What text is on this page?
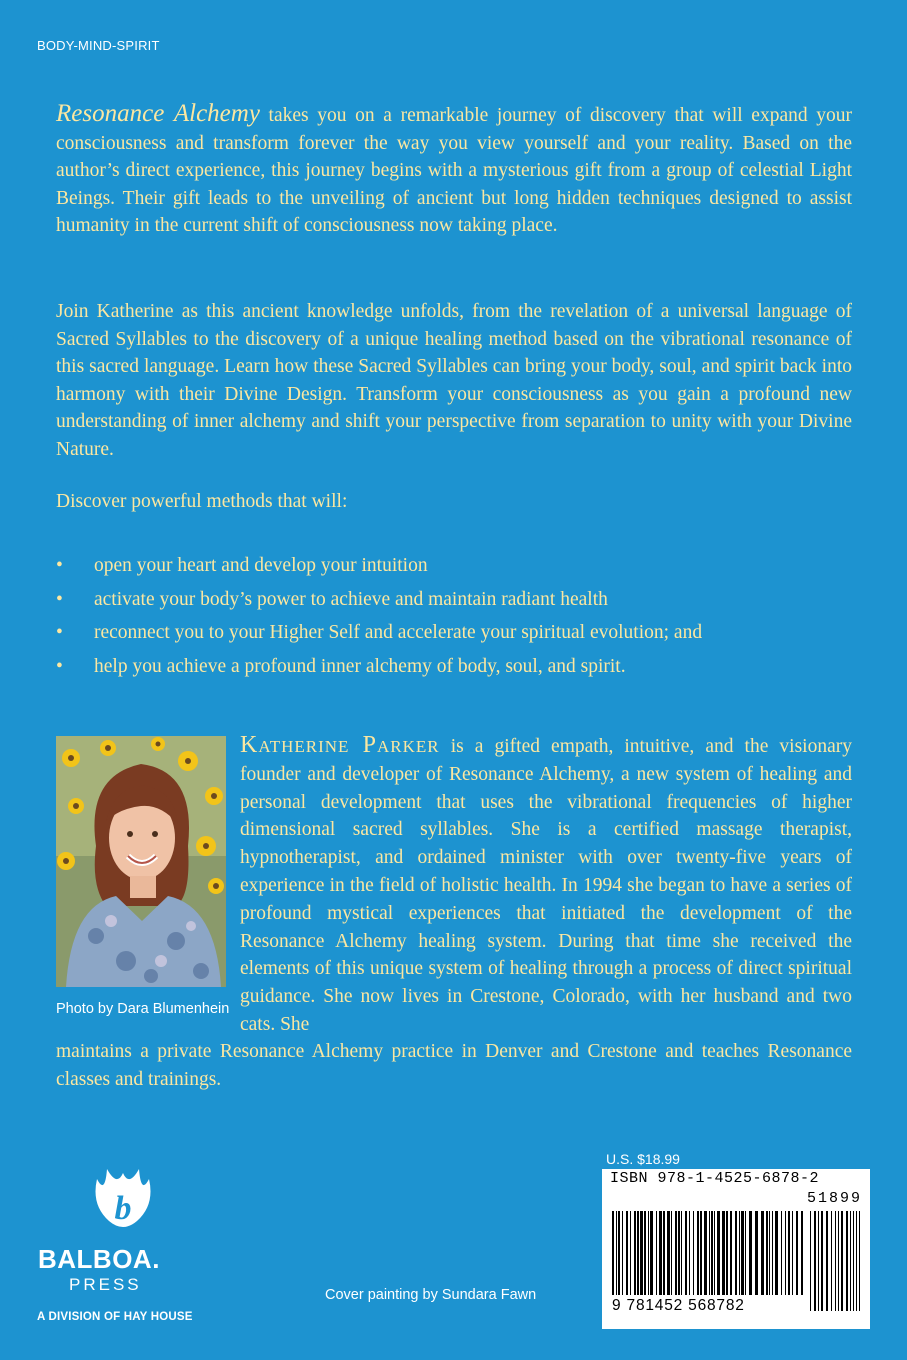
BODY-MIND-SPIRIT

Resonance Alchemy takes you on a remarkable journey of discovery that will expand your consciousness and transform forever the way you view yourself and your reality. Based on the author’s direct experience, this journey begins with a mysterious gift from a group of celestial Light Beings. Their gift leads to the unveiling of ancient but long hidden techniques designed to assist humanity in the current shift of consciousness now taking place.

Join Katherine as this ancient knowledge unfolds, from the revelation of a universal language of Sacred Syllables to the discovery of a unique healing method based on the vibrational resonance of this sacred language. Learn how these Sacred Syllables can bring your body, soul, and spirit back into harmony with their Divine Design. Transform your consciousness as you gain a profound new understanding of inner alchemy and shift your perspective from separation to unity with your Divine Nature.

Discover powerful methods that will:

• open your heart and develop your intuition
• activate your body’s power to achieve and maintain radiant health
• reconnect you to your Higher Self and accelerate your spiritual evolution; and
• help you achieve a profound inner alchemy of body, soul, and spirit.
Photo by Dara Blumenhein
KATHERINE PARKER is a gifted empath, intuitive, and the visionary founder and developer of Resonance Alchemy, a new system of healing and personal development that uses the vibrational frequencies of higher dimensional sacred syllables. She is a certified massage therapist, hypnotherapist, and ordained minister with over twenty-five years of experience in the field of holistic health. In 1994 she began to have a series of profound mystical experiences that initiated the development of the Resonance Alchemy healing system. During that time she received the elements of this unique system of healing through a process of direct spiritual guidance. She now lives in Crestone, Colorado, with her husband and two cats. She
maintains a private Resonance Alchemy practice in Denver and Crestone and teaches Resonance classes and trainings.
b
BALBOA.
PRESS
A DIVISION OF HAY HOUSE
Cover painting by Sundara Fawn
U.S. $18.99
ISBN 978-1-4525-6878-2
51899
9 781452 568782
